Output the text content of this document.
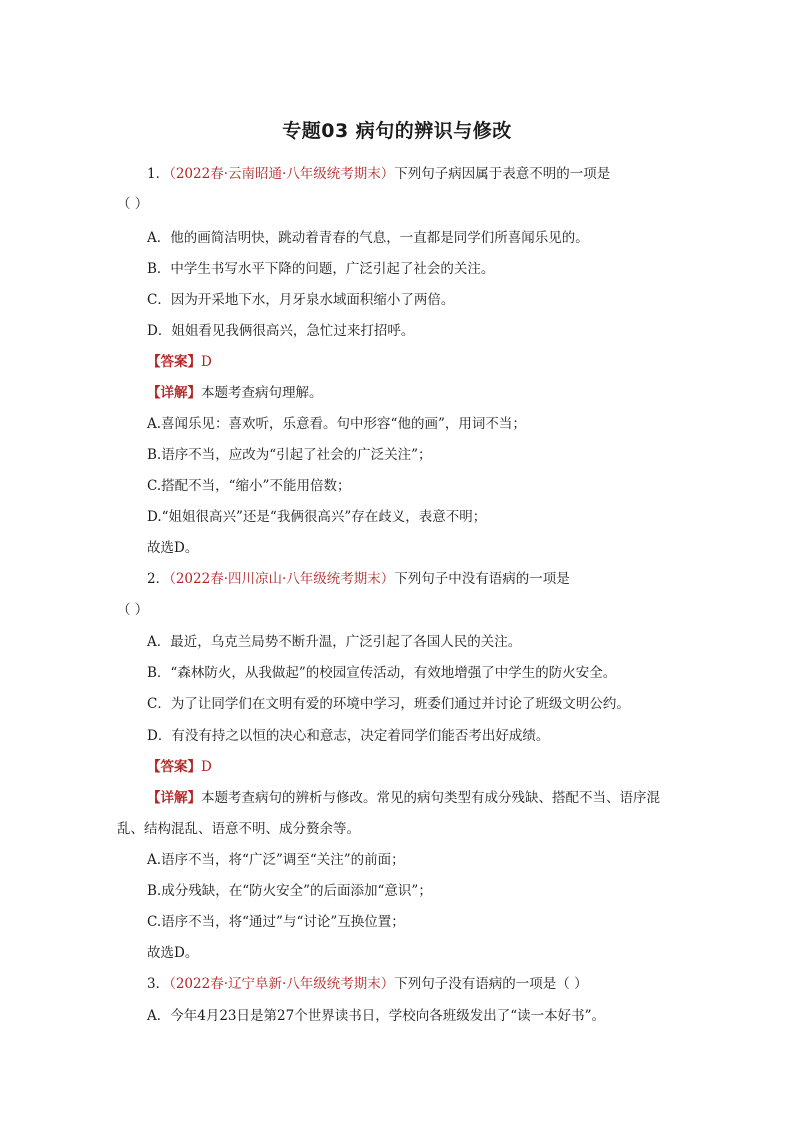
专题03 病句的辨识与修改
1．（2022春·云南昭通·八年级统考期末）下列句子病因属于表意不明的一项是
（ ）
A．他的画简洁明快，跳动着青春的气息，一直都是同学们所喜闻乐见的。
B．中学生书写水平下降的问题，广泛引起了社会的关注。
C．因为开采地下水，月牙泉水域面积缩小了两倍。
D．姐姐看见我俩很高兴，急忙过来打招呼。
【答案】D
【详解】本题考查病句理解。
A.喜闻乐见：喜欢听，乐意看。句中形容“他的画”，用词不当；
B.语序不当，应改为“引起了社会的广泛关注”；
C.搭配不当，“缩小”不能用倍数；
D.“姐姐很高兴”还是“我俩很高兴”存在歧义，表意不明；
故选D。
2．（2022春·四川凉山·八年级统考期末）下列句子中没有语病的一项是
（ ）
A．最近，乌克兰局势不断升温，广泛引起了各国人民的关注。
B．“森林防火，从我做起”的校园宣传活动，有效地增强了中学生的防火安全。
C．为了让同学们在文明有爱的环境中学习，班委们通过并讨论了班级文明公约。
D．有没有持之以恒的决心和意志，决定着同学们能否考出好成绩。
【答案】D
【详解】本题考查病句的辨析与修改。常见的病句类型有成分残缺、搭配不当、语序混
乱、结构混乱、语意不明、成分赘余等。
A.语序不当，将“广泛”调至“关注”的前面；
B.成分残缺，在“防火安全”的后面添加“意识”；
C.语序不当，将“通过”与“讨论”互换位置；
故选D。
3．（2022春·辽宁阜新·八年级统考期末）下列句子没有语病的一项是（ ）
A．今年4月23日是第27个世界读书日，学校向各班级发出了“读一本好书”。
